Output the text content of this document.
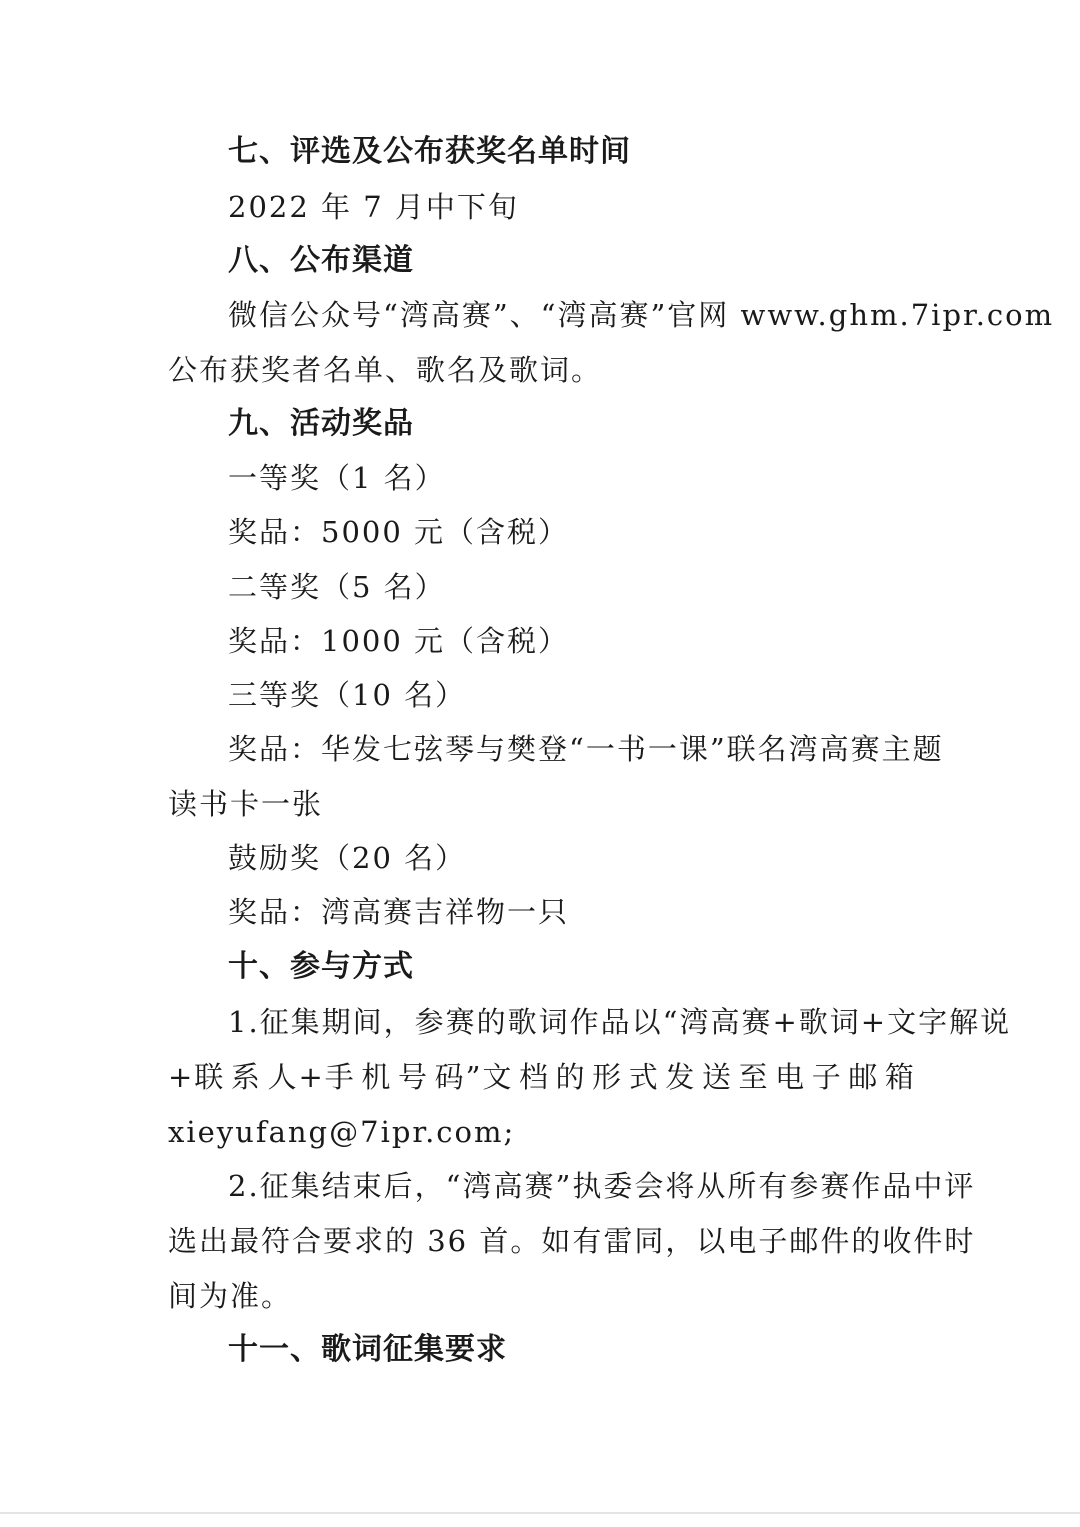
七、评选及公布获奖名单时间
2022 年 7 月中下旬
八、公布渠道
微信公众号“湾高赛”、“湾高赛”官网 www.ghm.7ipr.com
公布获奖者名单、歌名及歌词。
九、活动奖品
一等奖（1 名）
奖品：5000 元（含税）
二等奖（5 名）
奖品：1000 元（含税）
三等奖（10 名）
奖品：华发七弦琴与樊登“一书一课”联名湾高赛主题
读书卡一张
鼓励奖（20 名）
奖品：湾高赛吉祥物一只
十、参与方式
1.征集期间，参赛的歌词作品以“湾高赛+歌词+文字解说
+联 系 人+手 机 号 码”文 档 的 形 式 发 送 至 电 子 邮 箱
xieyufang@7ipr.com;
2.征集结束后，“湾高赛”执委会将从所有参赛作品中评
选出最符合要求的 36 首。如有雷同，以电子邮件的收件时
间为准。
十一、歌词征集要求
